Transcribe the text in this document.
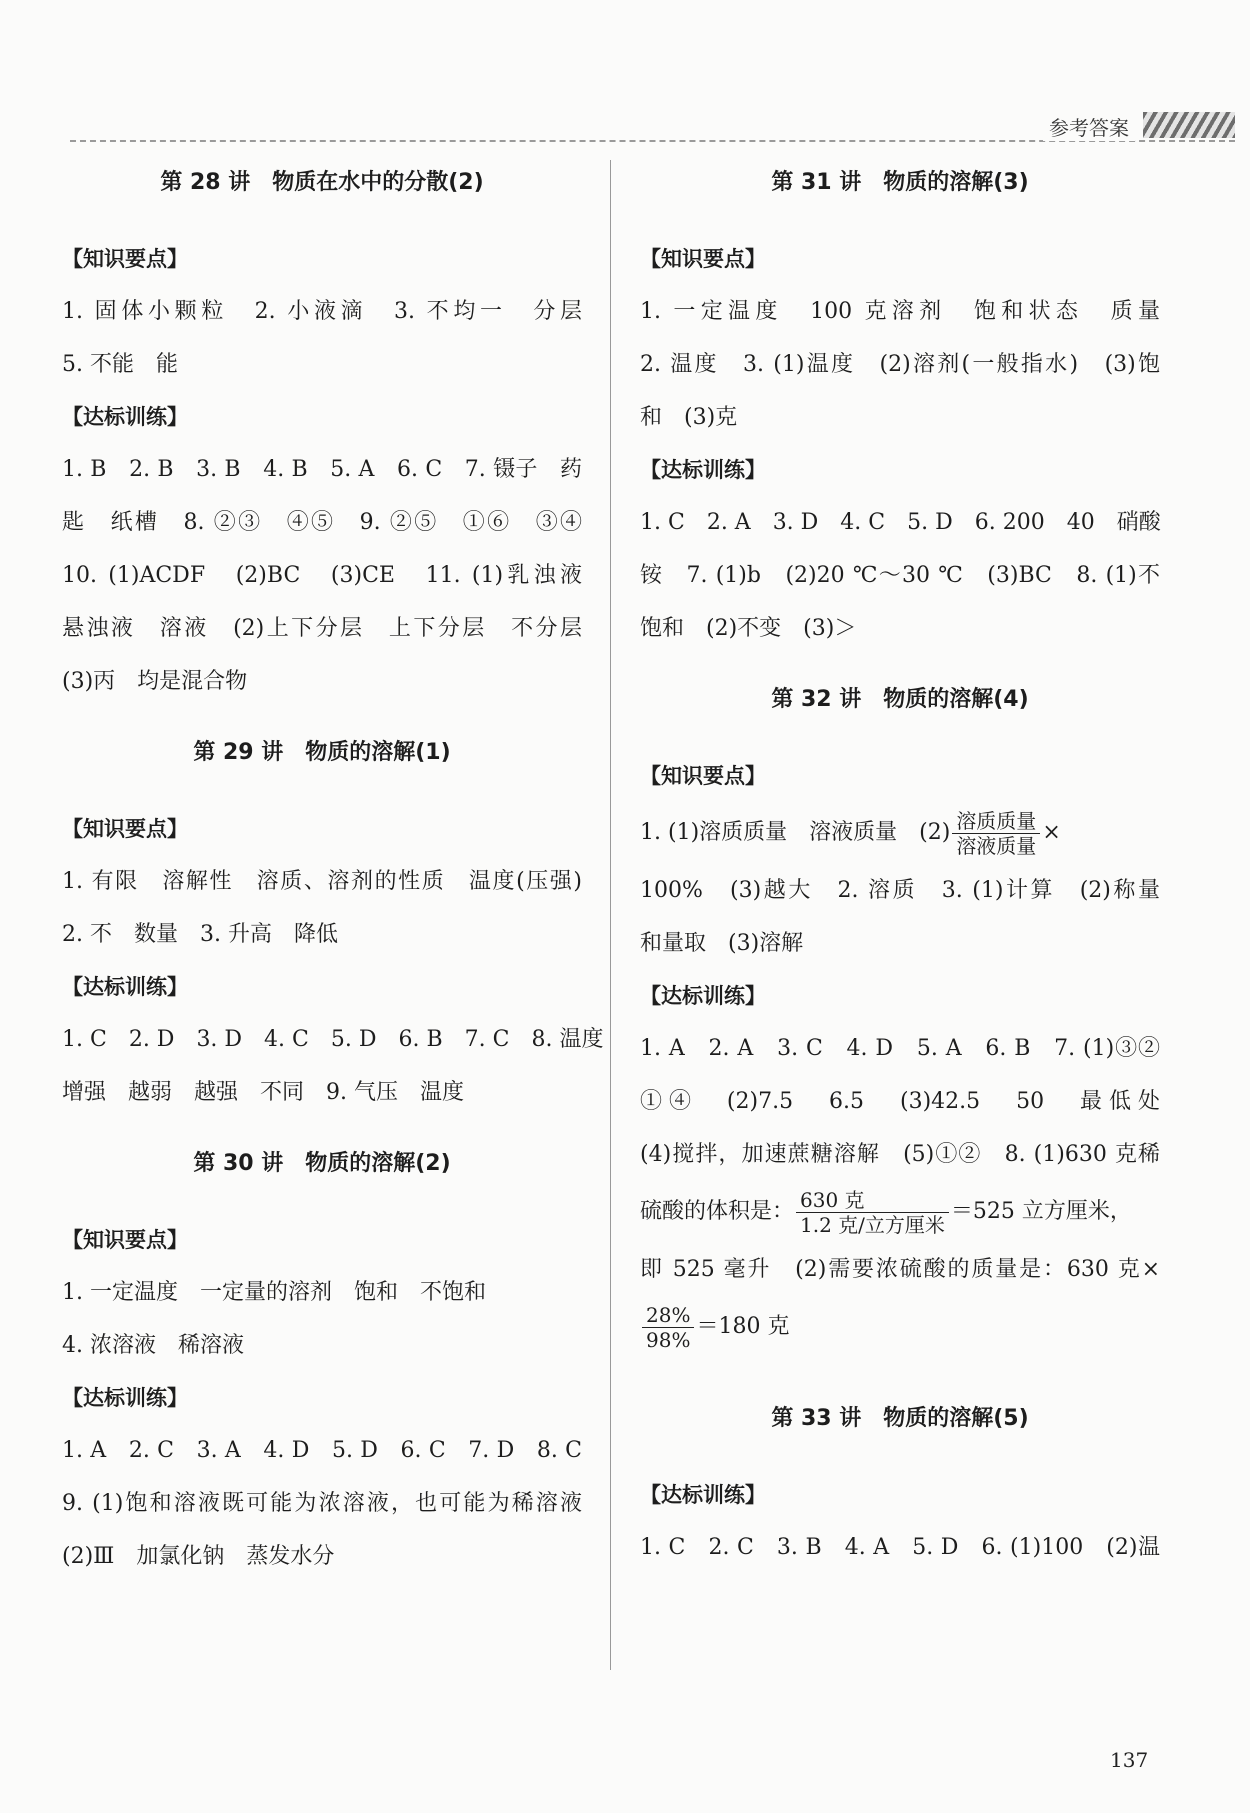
参考答案
第 28 讲　物质在水中的分散(2)
【知识要点】
1. 固体小颗粒　2. 小液滴　3. 不均一　分层
5. 不能　能
【达标训练】
1. B　2. B　3. B　4. B　5. A　6. C　7. 镊子　药
匙　纸槽　8. ②③　④⑤　9. ②⑤　①⑥　③④
10. (1)ACDF　(2)BC　(3)CE　11. (1)乳浊液
悬浊液　溶液　(2)上下分层　上下分层　不分层
(3)丙　均是混合物
第 29 讲　物质的溶解(1)
【知识要点】
1. 有限　溶解性　溶质、溶剂的性质　温度(压强)
2. 不　数量　3. 升高　降低
【达标训练】
1. C　2. D　3. D　4. C　5. D　6. B　7. C　8. 温度
增强　越弱　越强　不同　9. 气压　温度
第 30 讲　物质的溶解(2)
【知识要点】
1. 一定温度　一定量的溶剂　饱和　不饱和
4. 浓溶液　稀溶液
【达标训练】
1. A　2. C　3. A　4. D　5. D　6. C　7. D　8. C
9. (1)饱和溶液既可能为浓溶液，也可能为稀溶液
(2)Ⅲ　加氯化钠　蒸发水分
第 31 讲　物质的溶解(3)
【知识要点】
1. 一定温度　100 克溶剂　饱和状态　质量
2. 温度　3. (1)温度　(2)溶剂(一般指水)　(3)饱
和　(3)克
【达标训练】
1. C　2. A　3. D　4. C　5. D　6. 200　40　硝酸
铵　7. (1)b　(2)20 ℃～30 ℃　(3)BC　8. (1)不
饱和　(2)不变　(3)＞
第 32 讲　物质的溶解(4)
【知识要点】
1. (1)溶质质量　溶液质量　$(2) \frac{\text{溶质质量}}{\text{溶液质量}}$ ×
100%　(3)越大　2. 溶质　3. (1)计算　(2)称量
和量取　(3)溶解
【达标训练】
1. A　2. A　3. C　4. D　5. A　6. B　7. (1)③②
①④　(2)7.5　6.5　(3)42.5　50　最低处
(4)搅拌，加速蔗糖溶解　(5)①②　8. (1)630 克稀
硫酸的体积是： $\frac{\text{630 克}}{\text{1.2 克/立方厘米}} =525$ 立方厘米，
即 525 毫升　(2)需要浓硫酸的质量是：630 克×
$\frac{28\%}{98\%} =180$ 克
第 33 讲　物质的溶解(5)
【达标训练】
1. C　2. C　3. B　4. A　5. D　6. (1)100　(2)温
137
